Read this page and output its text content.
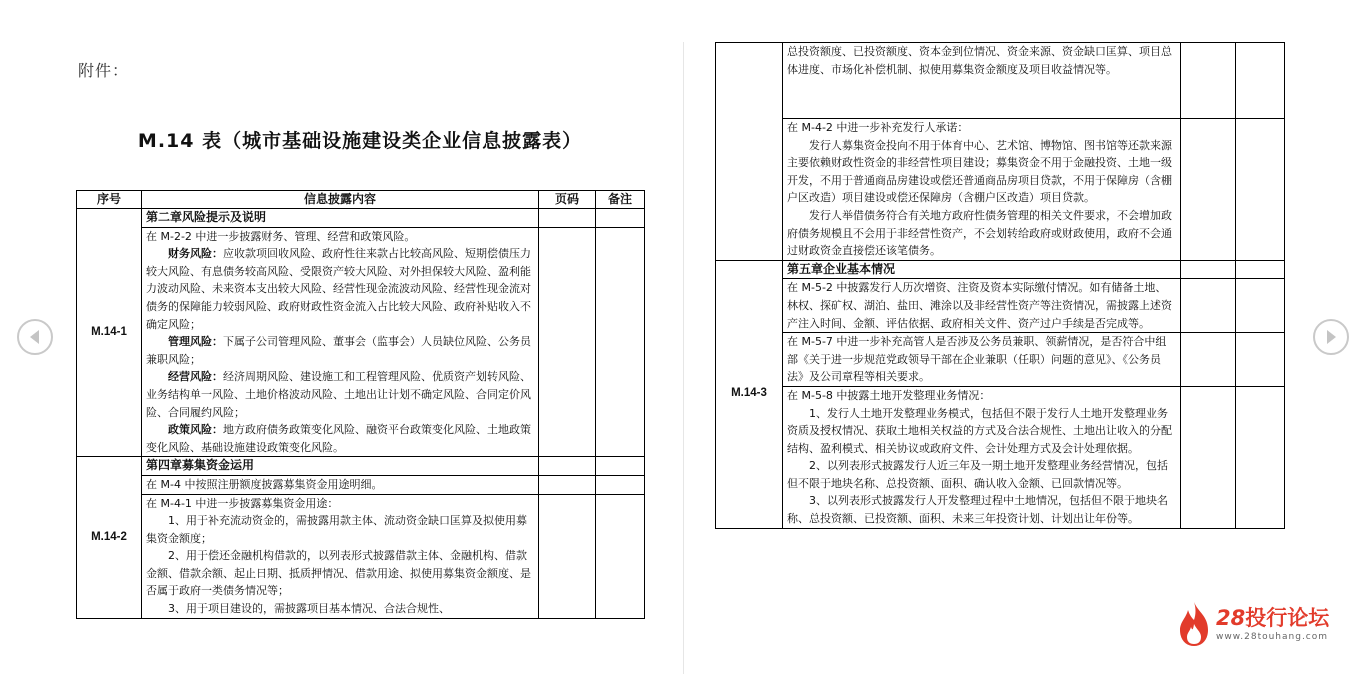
附件：
M.14 表（城市基础设施建设类企业信息披露表）
序号	信息披露内容	页码	备注
M.14-1	第二章风险提示及说明		

	在 M-2-2 中进一步披露财务、管理、经营和政策风险。

财务风险：应收款项回收风险、政府性往来款占比较高风险、短期偿债压力较大风险、有息债务较高风险、受限资产较大风险、对外担保较大风险、盈利能力波动风险、未来资本支出较大风险、经营性现金流波动风险、经营性现金流对债务的保障能力较弱风险、政府财政性资金流入占比较大风险、政府补贴收入不确定风险；

管理风险：下属子公司管理风险、董事会（监事会）人员缺位风险、公务员兼职风险；

经营风险：经济周期风险、建设施工和工程管理风险、优质资产划转风险、业务结构单一风险、土地价格波动风险、土地出让计划不确定风险、合同定价风险、合同履约风险；

政策风险：地方政府债务政策变化风险、融资平台政策变化风险、土地政策变化风险、基础设施建设政策变化风险。		

M.14-2	第四章募集资金运用		
	在 M-4 中按照注册额度披露募集资金用途明细。		

	在 M-4-1 中进一步披露募集资金用途：

1、用于补充流动资金的，需披露用款主体、流动资金缺口匡算及拟使用募集资金额度；

2、用于偿还金融机构借款的，以列表形式披露借款主体、金融机构、借款金额、借款余额、起止日期、抵质押情况、借款用途、拟使用募集资金额度、是否属于政府一类债务情况等；

3、用于项目建设的，需披露项目基本情况、合法合规性、		

	总投资额度、已投资额度、资本金到位情况、资金来源、资金缺口匡算、项目总体进度、市场化补偿机制、拟使用募集资金额度及项目收益情况等。		

	在 M-4-2 中进一步补充发行人承诺：

发行人募集资金投向不用于体育中心、艺术馆、博物馆、图书馆等还款来源主要依赖财政性资金的非经营性项目建设；募集资金不用于金融投资、土地一级开发，不用于普通商品房建设或偿还普通商品房项目贷款，不用于保障房（含棚户区改造）项目建设或偿还保障房（含棚户区改造）项目贷款。

发行人举借债务符合有关地方政府性债务管理的相关文件要求，不会增加政府债务规模且不会用于非经营性资产，不会划转给政府或财政使用，政府不会通过财政资金直接偿还该笔债务。		

M.14-3	第五章企业基本情况		
	在 M-5-2 中披露发行人历次增资、注资及资本实际缴付情况。如有储备土地、林权、探矿权、湖泊、盐田、滩涂以及非经营性资产等注资情况，需披露上述资产注入时间、金额、评估依据、政府相关文件、资产过户手续是否完成等。		
	在 M-5-7 中进一步补充高管人是否涉及公务员兼职、领薪情况，是否符合中组部《关于进一步规范党政领导干部在企业兼职（任职）问题的意见》、《公务员法》及公司章程等相关要求。		

	在 M-5-8 中披露土地开发整理业务情况：

1、发行人土地开发整理业务模式，包括但不限于发行人土地开发整理业务资质及授权情况、获取土地相关权益的方式及合法合规性、土地出让收入的分配结构、盈利模式、相关协议或政府文件、会计处理方式及会计处理依据。

2、以列表形式披露发行人近三年及一期土地开发整理业务经营情况，包括但不限于地块名称、总投资额、面积、确认收入金额、已回款情况等。

3、以列表形式披露发行人开发整理过程中土地情况，包括但不限于地块名称、总投资额、已投资额、面积、未来三年投资计划、计划出让年份等。		

28投行论坛
www.28touhang.com
